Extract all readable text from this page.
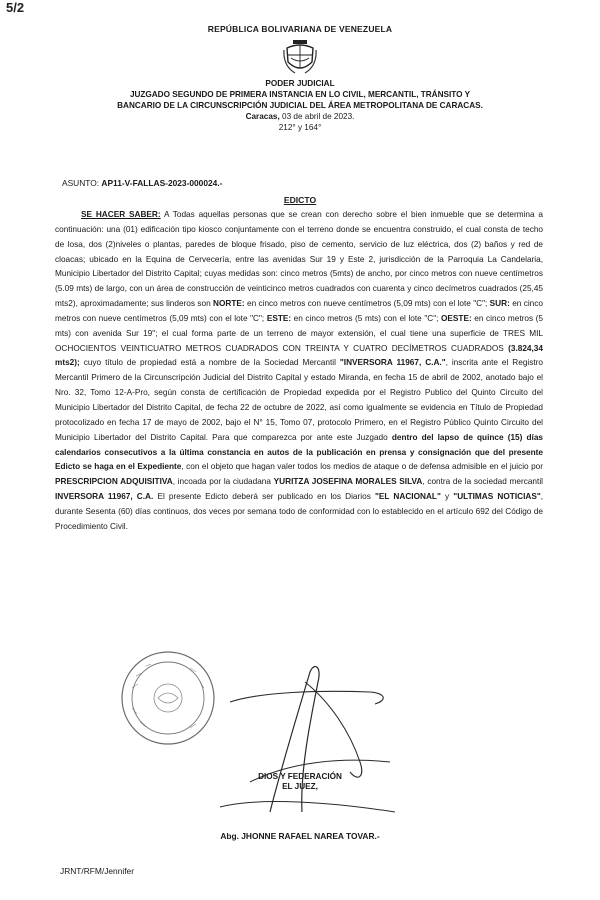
5/2
REPÚBLICA BOLIVARIANA DE VENEZUELA
PODER JUDICIAL
JUZGADO SEGUNDO DE PRIMERA INSTANCIA EN LO CIVIL, MERCANTIL, TRÁNSITO Y
BANCARIO DE LA CIRCUNSCRIPCIÓN JUDICIAL DEL ÁREA METROPOLITANA DE CARACAS.
Caracas, 03 de abril de 2023.
212° y 164°
ASUNTO: AP11-V-FALLAS-2023-000024.-
EDICTO
SE HACER SABER: A Todas aquellas personas que se crean con derecho sobre el bien inmueble que se determina a continuación: una (01) edificación tipo kiosco conjuntamente con el terreno donde se encuentra construido, el cual consta de techo de losa, dos (2)niveles o plantas, paredes de bloque frisado, piso de cemento, servicio de luz eléctrica, dos (2) baños y red de cloacas; ubicado en la Equina de Cervecería, entre las avenidas Sur 19 y Este 2, jurisdicción de la Parroquia La Candelaria, Municipio Libertador del Distrito Capital; cuyas medidas son: cinco metros (5mts) de ancho, por cinco metros con nueve centímetros (5.09 mts) de largo, con un área de construcción de veinticinco metros cuadrados con cuarenta y cinco decímetros cuadrados (25,45 mts2), aproximadamente; sus linderos son NORTE: en cinco metros con nueve centímetros (5,09 mts) con el lote "C"; SUR: en cinco metros con nueve centímetros (5,09 mts) con el lote "C"; ESTE: en cinco metros (5 mts) con el lote "C"; OESTE: en cinco metros (5 mts) con avenida Sur 19"; el cual forma parte de un terreno de mayor extensión, el cual tiene una superficie de TRES MIL OCHOCIENTOS VEINTICUATRO METROS CUADRADOS CON TREINTA Y CUATRO DECÍMETROS CUADRADOS (3.824,34 mts2); cuyo título de propiedad está a nombre de la Sociedad Mercantil "INVERSORA 11967, C.A.", inscrita ante el Registro Mercantil Primero de la Circunscripción Judicial del Distrito Capital y estado Miranda, en fecha 15 de abril de 2002, anotado bajo el Nro. 32, Tomo 12-A-Pro, según consta de certificación de Propiedad expedida por el Registro Publico del Quinto Circuito del Municipio Libertador del Distrito Capital, de fecha 22 de octubre de 2022, así como igualmente se evidencia en Título de Propiedad protocolizado en fecha 17 de mayo de 2002, bajo el N° 15, Tomo 07, protocolo Primero, en el Registro Público Quinto Circuito del Municipio Libertador del Distrito Capital. Para que comparezca por ante este Juzgado dentro del lapso de quince (15) días calendarios consecutivos a la última constancia en autos de la publicación en prensa y consignación que del presente Edicto se haga en el Expediente, con el objeto que hagan valer todos los medios de ataque o de defensa admisible en el juicio por PRESCRIPCION ADQUISITIVA, incoada por la ciudadana YURITZA JOSEFINA MORALES SILVA, contra de la sociedad mercantil INVERSORA 11967, C.A. El presente Edicto deberá ser publicado en los Diarios "EL NACIONAL" y "ULTIMAS NOTICIAS", durante Sesenta (60) días continuos, dos veces por semana todo de conformidad con lo establecido en el artículo 692 del Código de Procedimiento Civil.
DIOS Y FEDERACIÓN
EL JUEZ,
Abg. JHONNE RAFAEL NAREA TOVAR.-
JRNT/RFM/Jennifer
